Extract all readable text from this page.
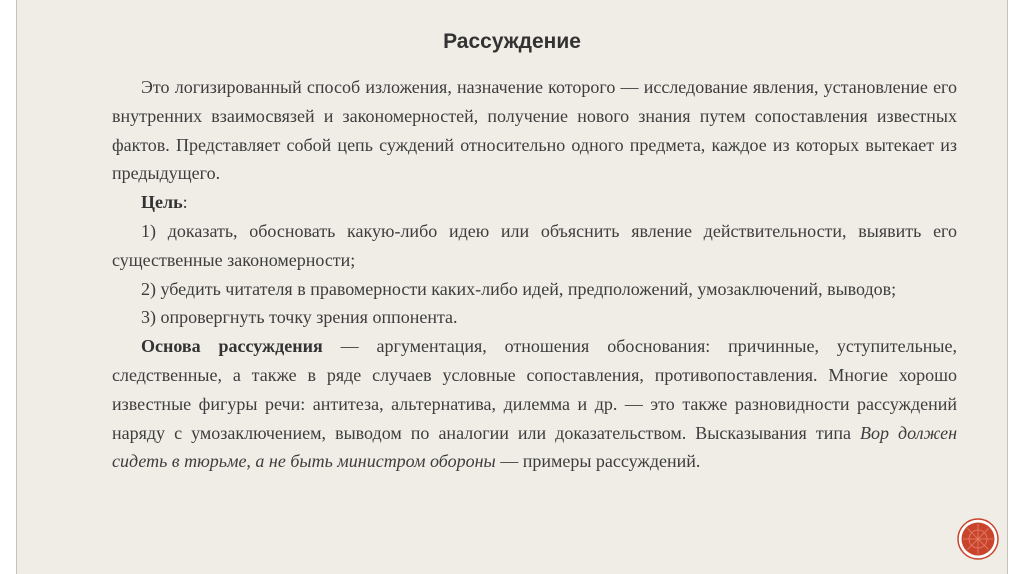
Рассуждение

Это логизированный способ изложения, назначение которого — исследование явления, установление его внутренних взаимосвязей и закономерностей, получение нового знания путем сопоставления известных фактов. Представляет собой цепь суждений относительно одного предмета, каждое из которых вытекает из предыдущего.

Цель:

1) доказать, обосновать какую-либо идею или объяснить явление действительности, выявить его существенные закономерности;

2) убедить читателя в правомерности каких-либо идей, предположений, умозаключений, выводов;

3) опровергнуть точку зрения оппонента.

Основа рассуждения — аргументация, отношения обоснования: причинные, уступительные, следственные, а также в ряде случаев условные сопоставления, противопоставления. Многие хорошо известные фигуры речи: антитеза, альтернатива, дилемма и др. — это также разновидности рассуждений наряду с умозаключением, выводом по аналогии или доказательством. Высказывания типа Вор должен сидеть в тюрьме, а не быть министром обороны — примеры рассуждений.
